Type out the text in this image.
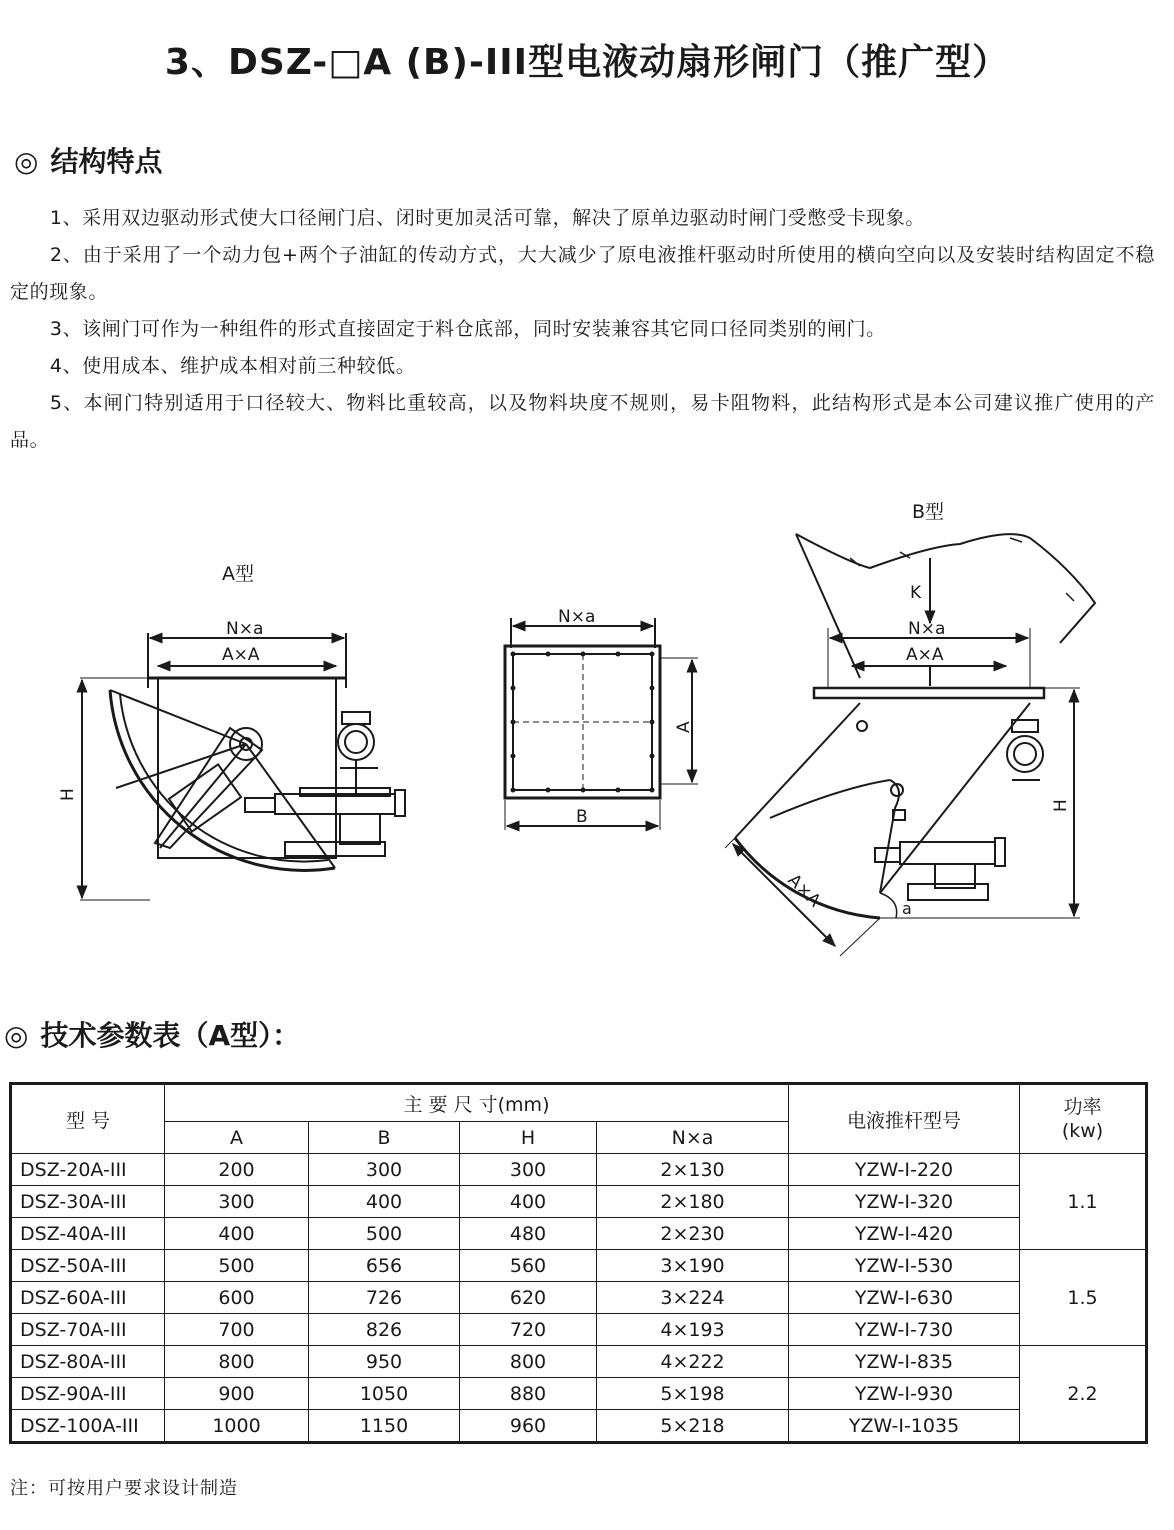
3、DSZ-□A (B)-III型电液动扇形闸门（推广型）
◎ 结构特点

1、采用双边驱动形式使大口径闸门启、闭时更加灵活可靠，解决了原单边驱动时闸门受憋受卡现象。

2、由于采用了一个动力包+两个子油缸的传动方式，大大减少了原电液推杆驱动时所使用的横向空向以及安装时结构固定不稳定的现象。

3、该闸门可作为一种组件的形式直接固定于料仓底部，同时安装兼容其它同口径同类别的闸门。

4、使用成本、维护成本相对前三种较低。

5、本闸门特别适用于口径较大、物料比重较高，以及物料块度不规则，易卡阻物料，此结构形式是本公司建议推广使用的产品。

A型
N×a
A×A
H
N×a
A
B
B型
K
N×a
A×A
H
A×A	a
◎ 技术参数表（A型）：
型 号	主 要 尺 寸(mm)				电液推杆型号	功率
(kw)
	A	B	H	N×a		
DSZ-20A-III	200	300	300	2×130	YZW-I-220	1.1
DSZ-30A-III	300	400	400	2×180	YZW-I-320	
DSZ-40A-III	400	500	480	2×230	YZW-I-420	
DSZ-50A-III	500	656	560	3×190	YZW-I-530	1.5
DSZ-60A-III	600	726	620	3×224	YZW-I-630	
DSZ-70A-III	700	826	720	4×193	YZW-I-730	
DSZ-80A-III	800	950	800	4×222	YZW-I-835	2.2
DSZ-90A-III	900	1050	880	5×198	YZW-I-930	
DSZ-100A-III	1000	1150	960	5×218	YZW-I-1035	
注：可按用户要求设计制造
